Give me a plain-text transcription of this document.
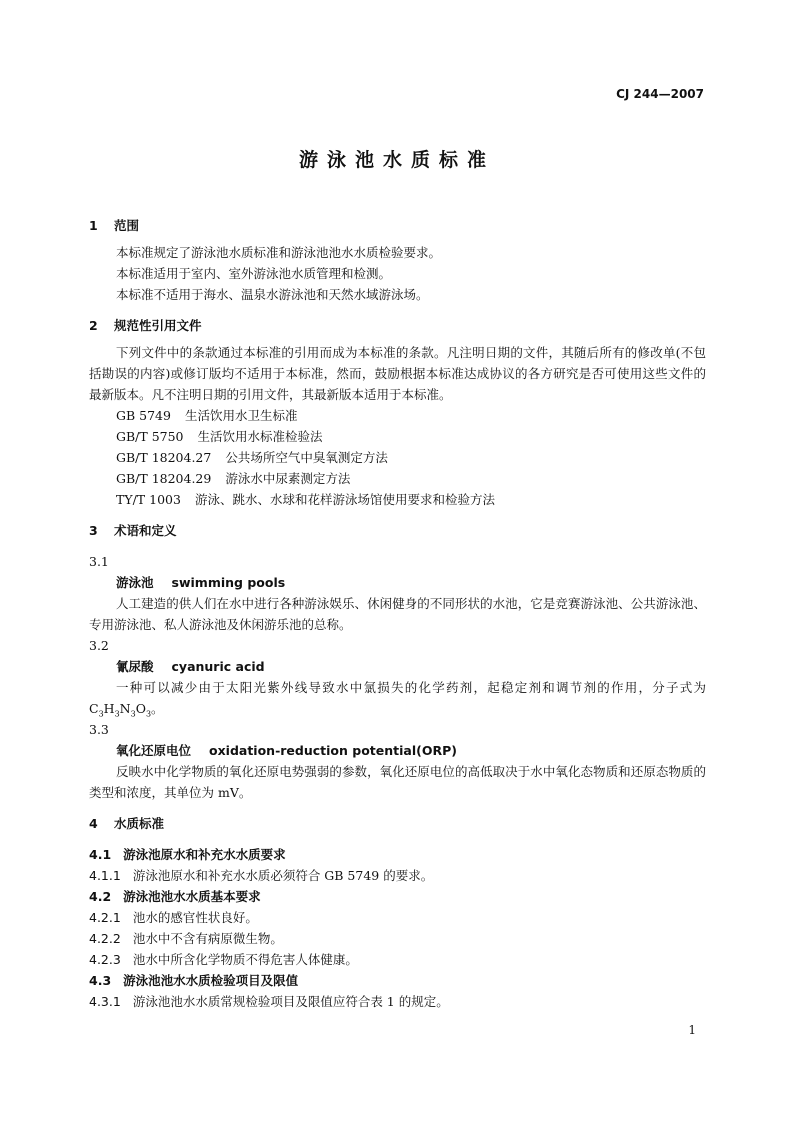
CJ 244—2007
游泳池水质标准
1 范围
本标准规定了游泳池水质标准和游泳池池水水质检验要求。
本标准适用于室内、室外游泳池水质管理和检测。
本标准不适用于海水、温泉水游泳池和天然水域游泳场。
2 规范性引用文件
下列文件中的条款通过本标准的引用而成为本标准的条款。凡注明日期的文件，其随后所有的修改单(不包括勘误的内容)或修订版均不适用于本标准，然而，鼓励根据本标准达成协议的各方研究是否可使用这些文件的最新版本。凡不注明日期的引用文件，其最新版本适用于本标准。
GB 5749 生活饮用水卫生标准
GB/T 5750 生活饮用水标准检验法
GB/T 18204.27 公共场所空气中臭氧测定方法
GB/T 18204.29 游泳水中尿素测定方法
TY/T 1003 游泳、跳水、水球和花样游泳场馆使用要求和检验方法
3 术语和定义
3.1
游泳池 swimming pools
人工建造的供人们在水中进行各种游泳娱乐、休闲健身的不同形状的水池，它是竞赛游泳池、公共游泳池、专用游泳池、私人游泳池及休闲游乐池的总称。
3.2
氰尿酸 cyanuric acid
一种可以减少由于太阳光紫外线导致水中氯损失的化学药剂，起稳定剂和调节剂的作用，分子式为$C_3H_3N_3O_3$。
3.3
氧化还原电位 oxidation-reduction potential(ORP)
反映水中化学物质的氧化还原电势强弱的参数，氧化还原电位的高低取决于水中氧化态物质和还原态物质的类型和浓度，其单位为 mV。
4 水质标准
4.1 游泳池原水和补充水水质要求
4.1.1 游泳池原水和补充水水质必须符合 GB 5749 的要求。
4.2 游泳池池水水质基本要求
4.2.1 池水的感官性状良好。
4.2.2 池水中不含有病原微生物。
4.2.3 池水中所含化学物质不得危害人体健康。
4.3 游泳池池水水质检验项目及限值
4.3.1 游泳池池水水质常规检验项目及限值应符合表 1 的规定。
1
